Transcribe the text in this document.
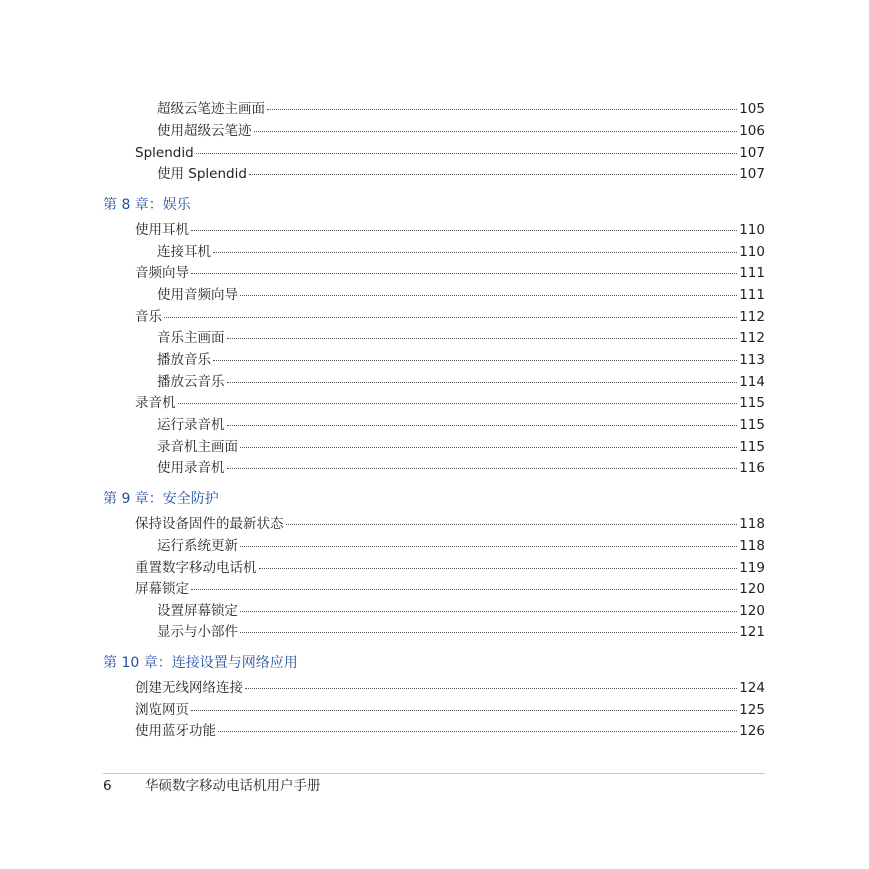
超级云笔迹主画面	105
使用超级云笔迹	106
Splendid	107
使用 Splendid	107
第 8 章：娱乐
使用耳机	110
连接耳机	110
音频向导	111
使用音频向导	111
音乐	112
音乐主画面	112
播放音乐	113
播放云音乐	114
录音机	115
运行录音机	115
录音机主画面	115
使用录音机	116
第 9 章：安全防护
保持设备固件的最新状态	118
运行系统更新	118
重置数字移动电话机	119
屏幕锁定	120
设置屏幕锁定	120
显示与小部件	121
第 10 章：连接设置与网络应用
创建无线网络连接	124
浏览网页	125
使用蓝牙功能	126
6 华硕数字移动电话机用户手册
